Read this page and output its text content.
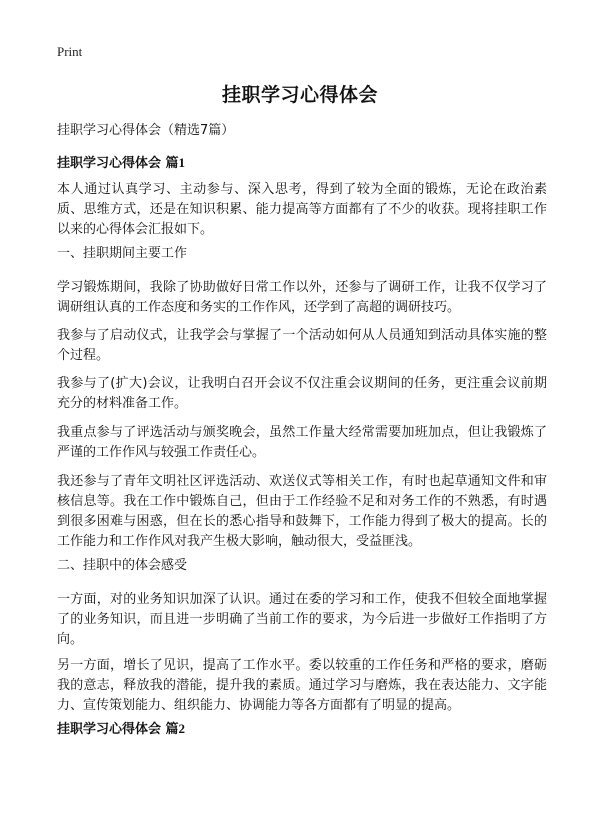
Print
挂职学习心得体会

挂职学习心得体会（精选7篇）

挂职学习心得体会 篇1

本人通过认真学习、主动参与、深入思考，得到了较为全面的锻炼，无论在政治素质、思维方式，还是在知识积累、能力提高等方面都有了不少的收获。现将挂职工作以来的心得体会汇报如下。

一、挂职期间主要工作

学习锻炼期间，我除了协助做好日常工作以外，还参与了调研工作，让我不仅学习了调研组认真的工作态度和务实的工作作风，还学到了高超的调研技巧。

我参与了启动仪式，让我学会与掌握了一个活动如何从人员通知到活动具体实施的整个过程。

我参与了(扩大)会议，让我明白召开会议不仅注重会议期间的任务，更注重会议前期充分的材料准备工作。

我重点参与了评选活动与颁奖晚会，虽然工作量大经常需要加班加点，但让我锻炼了严谨的工作作风与较强工作责任心。

我还参与了青年文明社区评选活动、欢送仪式等相关工作，有时也起草通知文件和审核信息等。我在工作中锻炼自己，但由于工作经验不足和对务工作的不熟悉，有时遇到很多困难与困惑，但在长的悉心指导和鼓舞下，工作能力得到了极大的提高。长的工作能力和工作作风对我产生极大影响，触动很大，受益匪浅。

二、挂职中的体会感受

一方面，对的业务知识加深了认识。通过在委的学习和工作，使我不但较全面地掌握了的业务知识，而且进一步明确了当前工作的要求，为今后进一步做好工作指明了方向。

另一方面，增长了见识，提高了工作水平。委以较重的工作任务和严格的要求，磨砺我的意志，释放我的潜能，提升我的素质。通过学习与磨炼，我在表达能力、文字能力、宣传策划能力、组织能力、协调能力等各方面都有了明显的提高。

挂职学习心得体会 篇2
